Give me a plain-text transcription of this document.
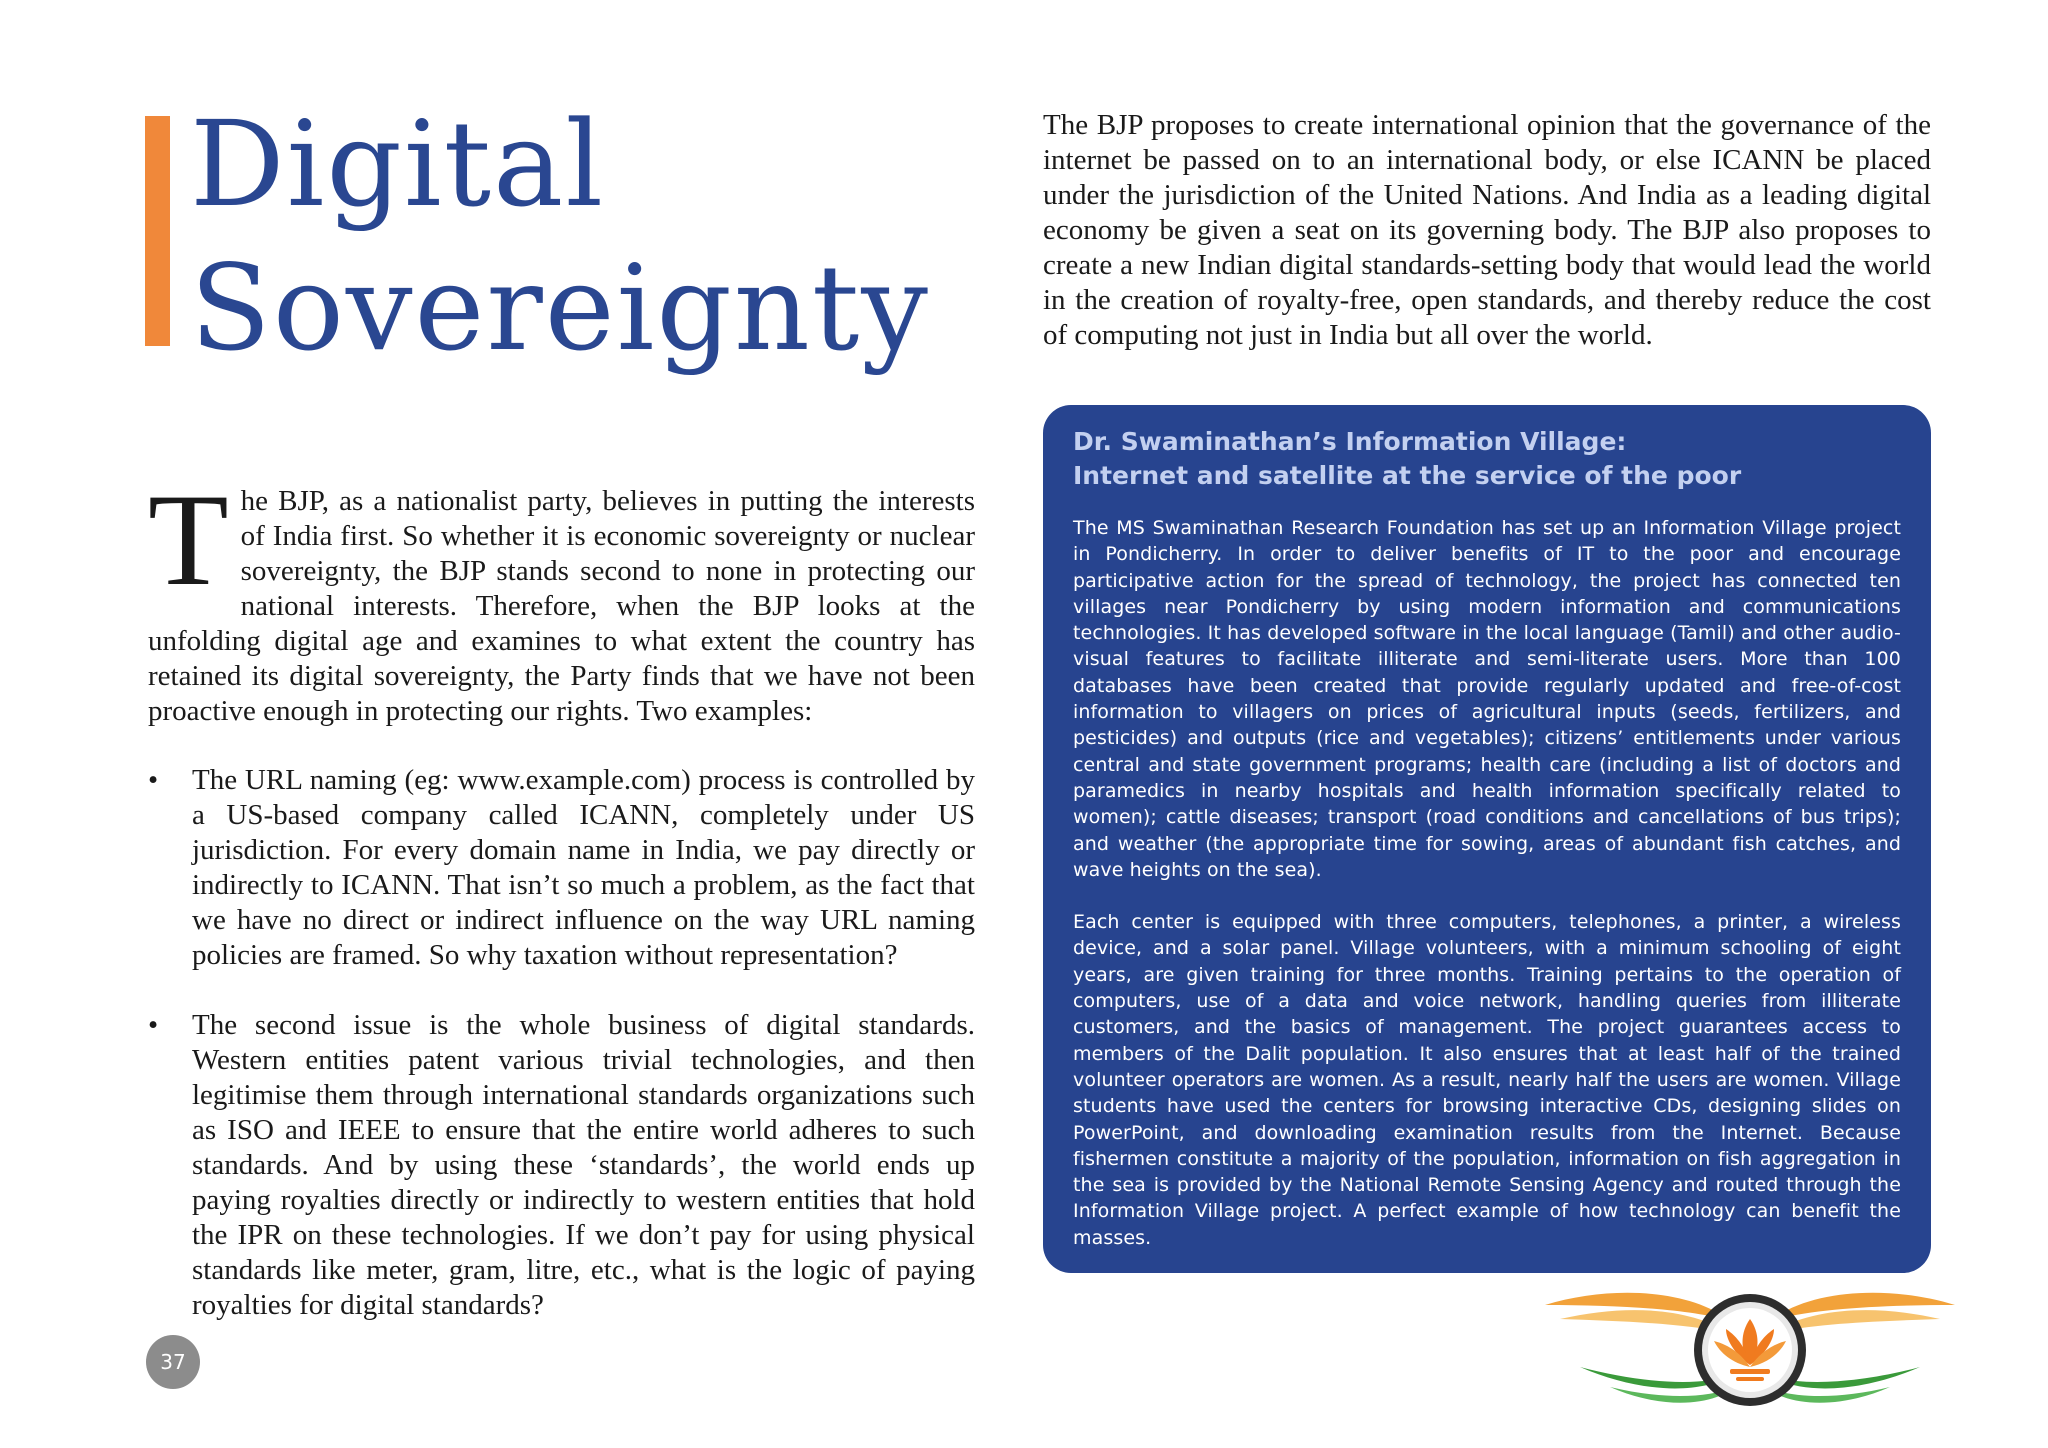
Digital
Sovereignty

The BJP proposes to create international opinion that the governance of the internet be passed on to an international body, or else ICANN be placed under the jurisdiction of the United Nations. And India as a leading digital economy be given a seat on its governing body. The BJP also proposes to create a new Indian digital standards-setting body that would lead the world in the creation of royalty-free, open standards, and thereby reduce the cost of computing not just in India but all over the world.

The BJP, as a nationalist party, believes in putting the interests of India first. So whether it is economic sovereignty or nuclear sovereignty, the BJP stands second to none in protecting our national interests. Therefore, when the BJP looks at the unfolding digital age and examines to what extent the country has retained its digital sovereignty, the Party finds that we have not been proactive enough in protecting our rights. Two examples:

• The URL naming (eg: www.example.com) process is controlled by a US-based company called ICANN, completely under US jurisdiction. For every domain name in India, we pay directly or indirectly to ICANN. That isn’t so much a problem, as the fact that we have no direct or indirect influence on the way URL naming policies are framed. So why taxation without representation?
• The second issue is the whole business of digital standards. Western entities patent various trivial technologies, and then legitimise them through international standards organizations such as ISO and IEEE to ensure that the entire world adheres to such standards. And by using these ‘standards’, the world ends up paying royalties directly or indirectly to western entities that hold the IPR on these technologies. If we don’t pay for using physical standards like meter, gram, litre, etc., what is the logic of paying royalties for digital standards?
37
Dr. Swaminathan’s Information Village:
Internet and satellite at the service of the poor

The MS Swaminathan Research Foundation has set up an Information Village project in Pondicherry. In order to deliver benefits of IT to the poor and encourage participative action for the spread of technology, the project has connected ten villages near Pondicherry by using modern information and communications technologies. It has developed software in the local language (Tamil) and other audio-visual features to facilitate illiterate and semi-literate users. More than 100 databases have been created that provide regularly updated and free-of-cost information to villagers on prices of agricultural inputs (seeds, fertilizers, and pesticides) and outputs (rice and vegetables); citizens’ entitlements under various central and state government programs; health care (including a list of doctors and paramedics in nearby hospitals and health information specifically related to women); cattle diseases; transport (road conditions and cancellations of bus trips); and weather (the appropriate time for sowing, areas of abundant fish catches, and wave heights on the sea).

Each center is equipped with three computers, telephones, a printer, a wireless device, and a solar panel. Village volunteers, with a minimum schooling of eight years, are given training for three months. Training pertains to the operation of computers, use of a data and voice network, handling queries from illiterate customers, and the basics of management. The project guarantees access to members of the Dalit population. It also ensures that at least half of the trained volunteer operators are women. As a result, nearly half the users are women. Village students have used the centers for browsing interactive CDs, designing slides on PowerPoint, and downloading examination results from the Internet. Because fishermen constitute a majority of the population, information on fish aggregation in the sea is provided by the National Remote Sensing Agency and routed through the Information Village project. A perfect example of how technology can benefit the masses.
